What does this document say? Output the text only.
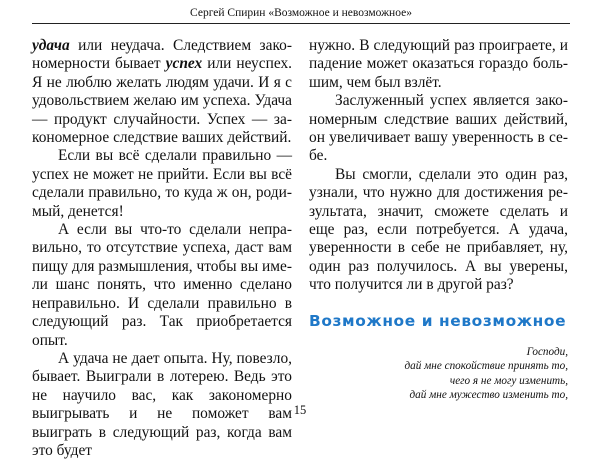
Сергей Спирин «Возможное и невозможное»

удача или неудача. Следствием закономерности бывает успех или неуспех. Я не люблю желать людям удачи. И я с удовольствием желаю им успеха. Удача — продукт случайности. Успех — закономерное следствие ваших действий.

Если вы всё сделали правильно — успех не может не прийти. Если вы всё сделали правильно, то куда ж он, родимый, денется!

А если вы что-то сделали неправильно, то отсутствие успеха, даст вам пищу для размышления, чтобы вы имели шанс понять, что именно сделано неправильно. И сделали правильно в следующий раз. Так приобретается опыт.

А удача не дает опыта. Ну, повезло, бывает. Выиграли в лотерею. Ведь это не научило вас, как закономерно выигрывать и не поможет вам выиграть в следующий раз, когда вам это будет

нужно. В следующий раз проиграете, и падение может оказаться гораздо большим, чем был взлёт.

Заслуженный успех является закономерным следствие ваших действий, он увеличивает вашу уверенность в себе.

Вы смогли, сделали это один раз, узнали, что нужно для достижения результата, значит, сможете сделать и еще раз, если потребуется. А удача, уверенности в себе не прибавляет, ну, один раз получилось. А вы уверены, что получится ли в другой раз?

Возможное и невозможное
Господи,
дай мне спокойствие принять то,
чего я не могу изменить,
дай мне мужество изменить то,
15
